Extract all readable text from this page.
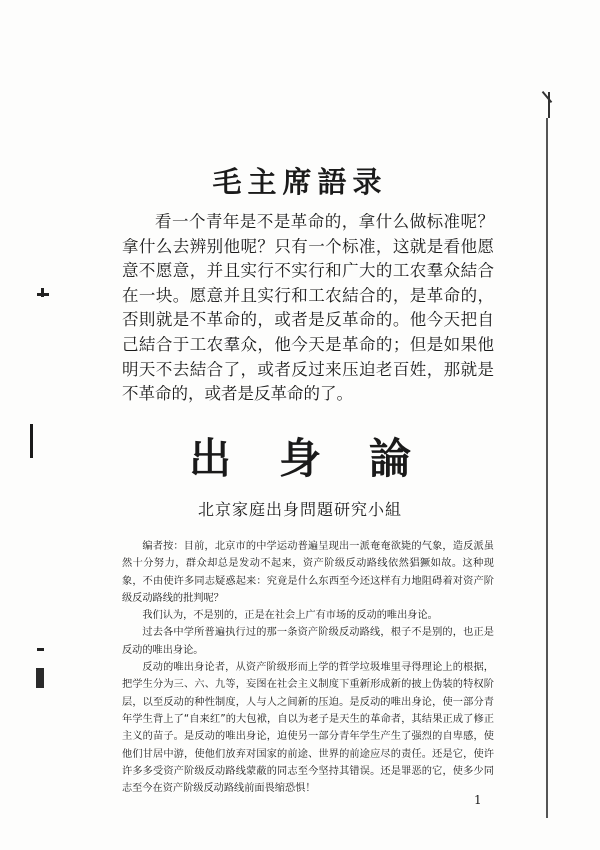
毛主席語录

看一个青年是不是革命的，拿什么做标准呢？拿什么去辨别他呢？只有一个标准，这就是看他愿意不愿意，并且实行不实行和广大的工农羣众結合在一块。愿意并且实行和工农結合的，是革命的，否則就是不革命的，或者是反革命的。他今天把自己結合于工农羣众，他今天是革命的；但是如果他明天不去結合了，或者反过来压迫老百姓，那就是不革命的，或者是反革命的了。

出身論

北京家庭出身問題研究小組

编者按：目前，北京市的中学运动普遍呈现出一派奄奄欲毙的气象，造反派虽然十分努力，群众却总是发动不起来，资产阶级反动路线依然猖獗如故。这种现象，不由使许多同志疑惑起来：究竟是什么东西至今还这样有力地阻碍着对资产阶级反动路线的批判呢？

我们认为，不是别的，正是在社会上广有市场的反动的唯出身论。

过去各中学所普遍执行过的那一条资产阶级反动路线，根子不是别的，也正是反动的唯出身论。

反动的唯出身论者，从资产阶级形而上学的哲学垃圾堆里寻得理论上的根据，把学生分为三、六、九等，妄图在社会主义制度下重新形成新的披上伪装的特权阶层，以至反动的种性制度，人与人之间新的压迫。是反动的唯出身论，使一部分青年学生背上了“自来红”的大包袱，自以为老子是天生的革命者，其结果正成了修正主义的苗子。是反动的唯出身论，迫使另一部分青年学生产生了强烈的自卑感，使他们甘居中游，使他们放弃对国家的前途、世界的前途应尽的责任。还是它，使许许多多受资产阶级反动路线蒙蔽的同志至今坚持其错误。还是罪恶的它，使多少同志至今在资产阶级反动路线前面畏缩恐惧！

1
